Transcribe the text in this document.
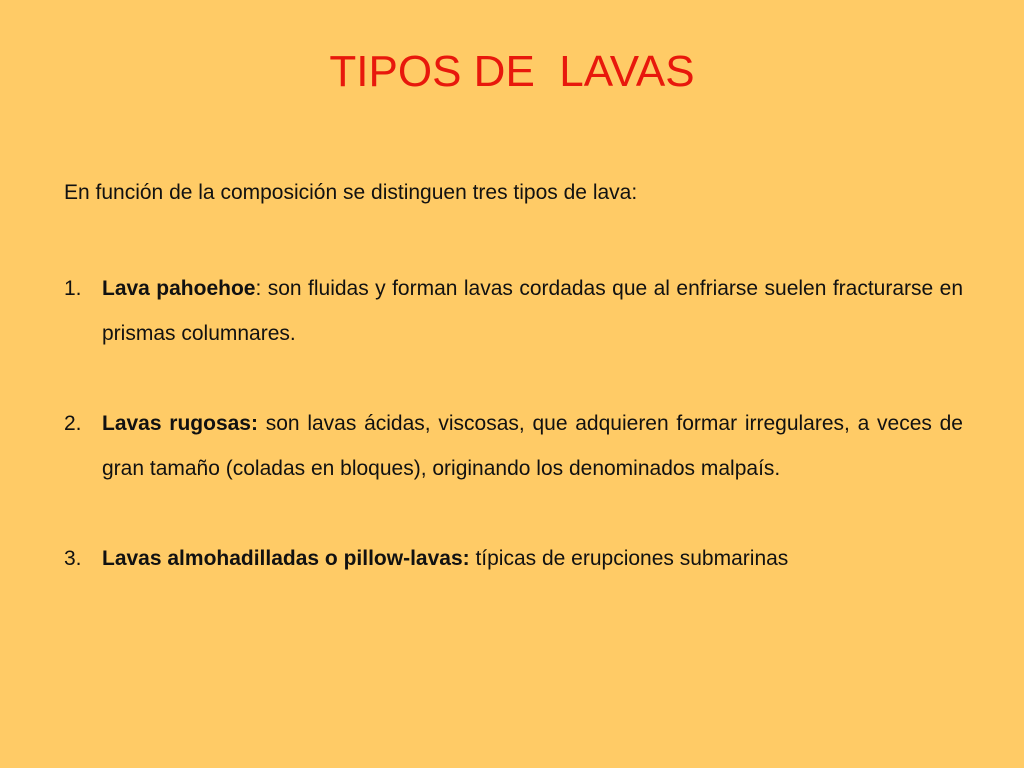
TIPOS DE  LAVAS

En función de la composición se distinguen tres tipos de lava:

1. Lava pahoehoe: son fluidas y forman lavas cordadas que al enfriarse suelen fracturarse en prismas columnares.
2. Lavas rugosas: son lavas ácidas, viscosas, que adquieren formar irregulares, a veces de gran tamaño (coladas en bloques), originando los denominados malpaís.
3. Lavas almohadilladas o pillow-lavas: típicas de erupciones submarinas
